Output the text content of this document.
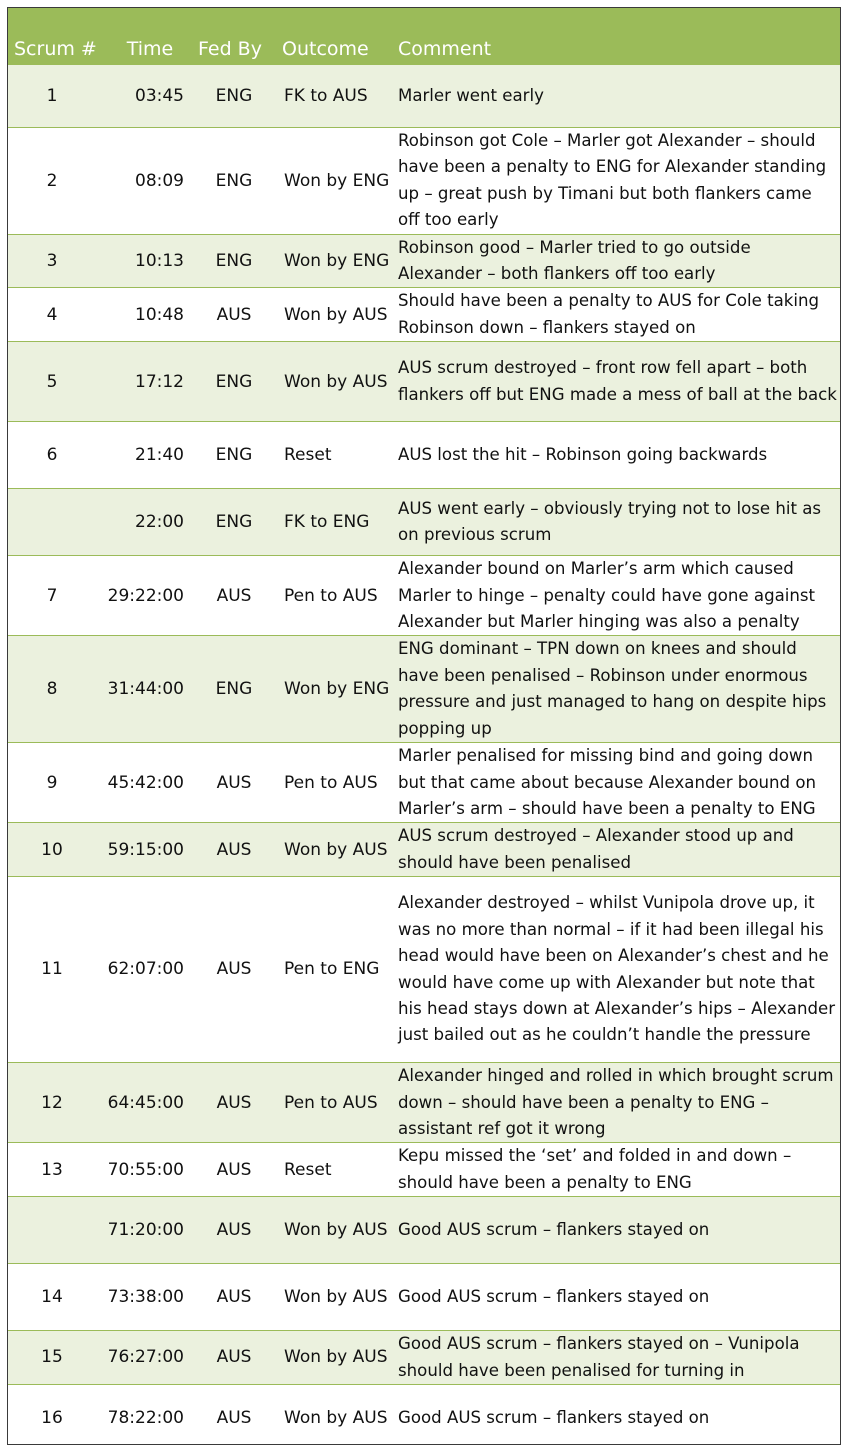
Scrum #	Time	Fed By	Outcome	Comment
1	03:45	ENG	FK to AUS	Marler went early
2	08:09	ENG	Won by ENG	Robinson got Cole – Marler got Alexander – should have been a penalty to ENG for Alexander standing up – great push by Timani but both flankers came off too early
3	10:13	ENG	Won by ENG	Robinson good – Marler tried to go outside Alexander – both flankers off too early
4	10:48	AUS	Won by AUS	Should have been a penalty to AUS for Cole taking Robinson down – flankers stayed on
5	17:12	ENG	Won by AUS	AUS scrum destroyed – front row fell apart – both flankers off but ENG made a mess of ball at the back
6	21:40	ENG	Reset	AUS lost the hit – Robinson going backwards
	22:00	ENG	FK to ENG	AUS went early – obviously trying not to lose hit as on previous scrum
7	29:22:00	AUS	Pen to AUS	Alexander bound on Marler’s arm which caused Marler to hinge – penalty could have gone against Alexander but Marler hinging was also a penalty
8	31:44:00	ENG	Won by ENG	ENG dominant – TPN down on knees and should have been penalised – Robinson under enormous pressure and just managed to hang on despite hips popping up
9	45:42:00	AUS	Pen to AUS	Marler penalised for missing bind and going down but that came about because Alexander bound on Marler’s arm – should have been a penalty to ENG
10	59:15:00	AUS	Won by AUS	AUS scrum destroyed – Alexander stood up and should have been penalised
11	62:07:00	AUS	Pen to ENG	Alexander destroyed – whilst Vunipola drove up, it was no more than normal – if it had been illegal his head would have been on Alexander’s chest and he would have come up with Alexander but note that his head stays down at Alexander’s hips – Alexander just bailed out as he couldn’t handle the pressure
12	64:45:00	AUS	Pen to AUS	Alexander hinged and rolled in which brought scrum down – should have been a penalty to ENG – assistant ref got it wrong
13	70:55:00	AUS	Reset	Kepu missed the ‘set’ and folded in and down – should have been a penalty to ENG
	71:20:00	AUS	Won by AUS	Good AUS scrum – flankers stayed on
14	73:38:00	AUS	Won by AUS	Good AUS scrum – flankers stayed on
15	76:27:00	AUS	Won by AUS	Good AUS scrum – flankers stayed on – Vunipola should have been penalised for turning in
16	78:22:00	AUS	Won by AUS	Good AUS scrum – flankers stayed on
